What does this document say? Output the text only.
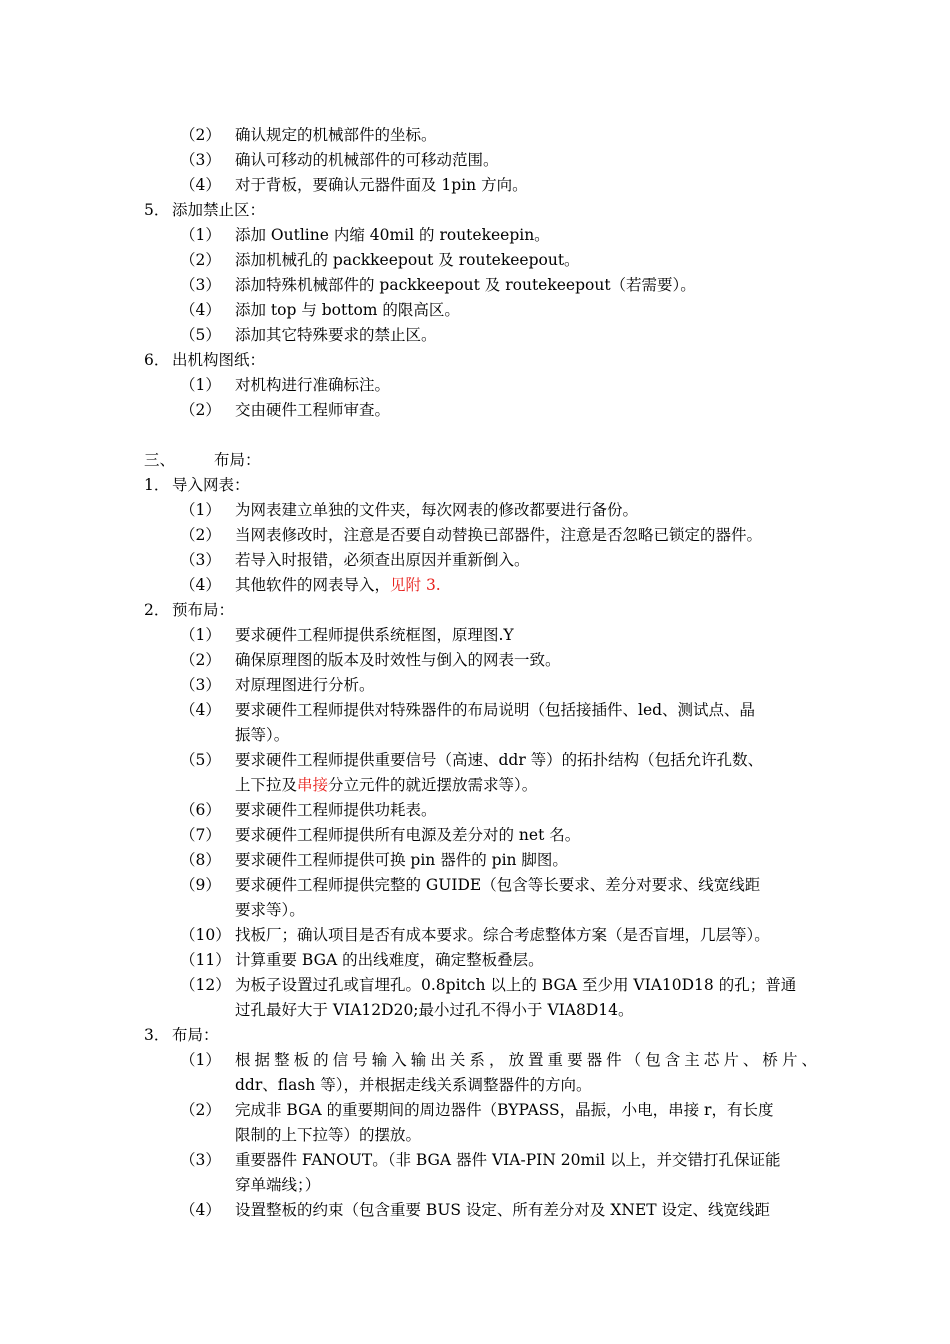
（2） 确认规定的机械部件的坐标。
（3） 确认可移动的机械部件的可移动范围。
（4） 对于背板，要确认元器件面及 1pin 方向。
5． 添加禁止区：
（1） 添加 Outline 内缩 40mil 的 routekeepin。
（2） 添加机械孔的 packkeepout 及 routekeepout。
（3） 添加特殊机械部件的 packkeepout 及 routekeepout（若需要）。
（4） 添加 top 与 bottom 的限高区。
（5） 添加其它特殊要求的禁止区。
6． 出机构图纸：
（1） 对机构进行准确标注。
（2） 交由硬件工程师审查。
三、	布局：
1． 导入网表：
（1） 为网表建立单独的文件夹，每次网表的修改都要进行备份。
（2） 当网表修改时，注意是否要自动替换已部器件，注意是否忽略已锁定的器件。
（3） 若导入时报错，必须查出原因并重新倒入。
（4） 其他软件的网表导入，见附 3.
2． 预布局：
（1） 要求硬件工程师提供系统框图，原理图.Y
（2） 确保原理图的版本及时效性与倒入的网表一致。
（3） 对原理图进行分析。
（4） 要求硬件工程师提供对特殊器件的布局说明（包括接插件、led、测试点、晶
振等）。
（5） 要求硬件工程师提供重要信号（高速、ddr 等）的拓扑结构（包括允许孔数、
上下拉及串接分立元件的就近摆放需求等）。
（6） 要求硬件工程师提供功耗表。
（7） 要求硬件工程师提供所有电源及差分对的 net 名。
（8） 要求硬件工程师提供可换 pin 器件的 pin 脚图。
（9） 要求硬件工程师提供完整的 GUIDE（包含等长要求、差分对要求、线宽线距
要求等）。
（10） 找板厂；确认项目是否有成本要求。综合考虑整体方案（是否盲埋，几层等）。
（11） 计算重要 BGA 的出线难度，确定整板叠层。
（12） 为板子设置过孔或盲埋孔。0.8pitch 以上的 BGA 至少用 VIA10D18 的孔；普通
过孔最好大于 VIA12D20;最小过孔不得小于 VIA8D14。
3． 布局：
（1） 根据整板的信号输入输出关系，放置重要器件（包含主芯片、桥片、
ddr、flash 等），并根据走线关系调整器件的方向。
（2） 完成非 BGA 的重要期间的周边器件（BYPASS，晶振，小电，串接 r，有长度
限制的上下拉等）的摆放。
（3） 重要器件 FANOUT。（非 BGA 器件 VIA-PIN 20mil 以上，并交错打孔保证能
穿单端线；）
（4） 设置整板的约束（包含重要 BUS 设定、所有差分对及 XNET 设定、线宽线距
